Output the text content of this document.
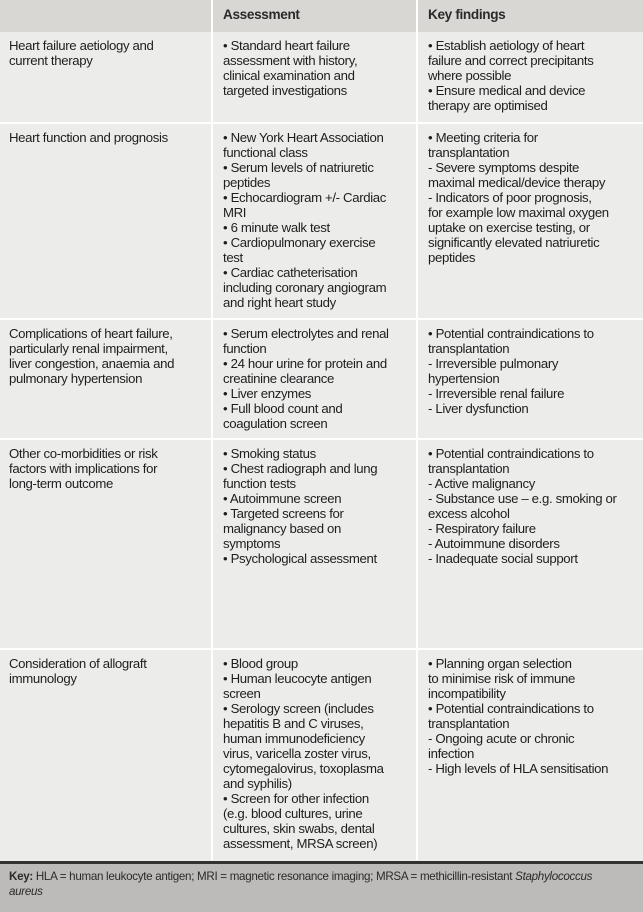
Assessment	Key findings
Heart failure aetiology and
current therapy
• Standard heart failure
assessment with history,
clinical examination and
targeted investigations
• Establish aetiology of heart
failure and correct precipitants
where possible
• Ensure medical and device
therapy are optimised
Heart function and prognosis	• New York Heart Association
functional class
• Serum levels of natriuretic
peptides
• Echocardiogram +/- Cardiac
MRI
• 6 minute walk test
• Cardiopulmonary exercise
test
• Cardiac catheterisation
including coronary angiogram
and right heart study
• Meeting criteria for
transplantation
- Severe symptoms despite
maximal medical/device therapy
- Indicators of poor prognosis,
for example low maximal oxygen
uptake on exercise testing, or
significantly elevated natriuretic
peptides
Complications of heart failure,
particularly renal impairment,
liver congestion, anaemia and
pulmonary hypertension
• Serum electrolytes and renal
function
• 24 hour urine for protein and
creatinine clearance
• Liver enzymes
• Full blood count and
coagulation screen
• Potential contraindications to
transplantation
- Irreversible pulmonary
hypertension
- Irreversible renal failure
- Liver dysfunction
Other co-morbidities or risk
factors with implications for
long-term outcome
• Smoking status
• Chest radiograph and lung
function tests
• Autoimmune screen
• Targeted screens for
malignancy based on
symptoms
• Psychological assessment
• Potential contraindications to
transplantation
- Active malignancy
- Substance use – e.g. smoking or
excess alcohol
- Respiratory failure
- Autoimmune disorders
- Inadequate social support
Consideration of allograft
immunology
• Blood group
• Human leucocyte antigen
screen
• Serology screen (includes
hepatitis B and C viruses,
human immunodeficiency
virus, varicella zoster virus,
cytomegalovirus, toxoplasma
and syphilis)
• Screen for other infection
(e.g. blood cultures, urine
cultures, skin swabs, dental
assessment, MRSA screen)
• Planning organ selection
to minimise risk of immune
incompatibility
• Potential contraindications to
transplantation
- Ongoing acute or chronic
infection
- High levels of HLA sensitisation
Key: HLA = human leukocyte antigen; MRI = magnetic resonance imaging; MRSA = methicillin-resistant Staphylococcus
aureus
